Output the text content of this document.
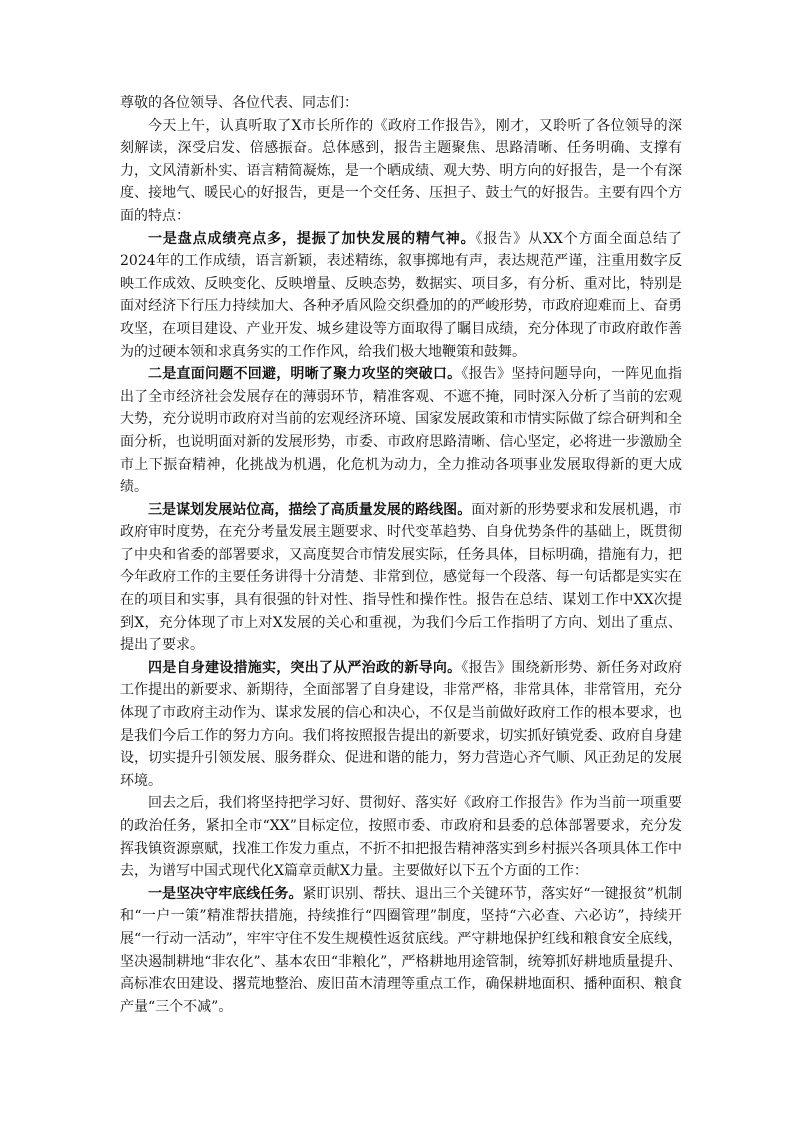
尊敬的各位领导、各位代表、同志们：

今天上午，认真听取了X市长所作的《政府工作报告》，刚才，又聆听了各位领导的深刻解读，深受启发、倍感振奋。总体感到，报告主题聚焦、思路清晰、任务明确、支撑有力，文风清新朴实、语言精简凝炼，是一个晒成绩、观大势、明方向的好报告，是一个有深度、接地气、暖民心的好报告，更是一个交任务、压担子、鼓士气的好报告。主要有四个方面的特点：

一是盘点成绩亮点多，提振了加快发展的精气神。《报告》从XX个方面全面总结了2024年的工作成绩，语言新颖，表述精练，叙事掷地有声，表达规范严谨，注重用数字反映工作成效、反映变化、反映增量、反映态势，数据实、项目多，有分析、重对比，特别是面对经济下行压力持续加大、各种矛盾风险交织叠加的的严峻形势，市政府迎难而上、奋勇攻坚，在项目建设、产业开发、城乡建设等方面取得了瞩目成绩，充分体现了市政府敢作善为的过硬本领和求真务实的工作作风，给我们极大地鞭策和鼓舞。

二是直面问题不回避，明晰了聚力攻坚的突破口。《报告》坚持问题导向，一阵见血指出了全市经济社会发展存在的薄弱环节，精准客观、不遮不掩，同时深入分析了当前的宏观大势，充分说明市政府对当前的宏观经济环境、国家发展政策和市情实际做了综合研判和全面分析，也说明面对新的发展形势，市委、市政府思路清晰、信心坚定，必将进一步激励全市上下振奋精神，化挑战为机遇，化危机为动力，全力推动各项事业发展取得新的更大成绩。

三是谋划发展站位高，描绘了高质量发展的路线图。面对新的形势要求和发展机遇，市政府审时度势，在充分考量发展主题要求、时代变革趋势、自身优势条件的基础上，既贯彻了中央和省委的部署要求，又高度契合市情发展实际，任务具体，目标明确，措施有力，把今年政府工作的主要任务讲得十分清楚、非常到位，感觉每一个段落、每一句话都是实实在在的项目和实事，具有很强的针对性、指导性和操作性。报告在总结、谋划工作中XX次提到X，充分体现了市上对X发展的关心和重视，为我们今后工作指明了方向、划出了重点、提出了要求。

四是自身建设措施实，突出了从严治政的新导向。《报告》围绕新形势、新任务对政府工作提出的新要求、新期待，全面部署了自身建设，非常严格，非常具体，非常管用，充分体现了市政府主动作为、谋求发展的信心和决心，不仅是当前做好政府工作的根本要求，也是我们今后工作的努力方向。我们将按照报告提出的新要求，切实抓好镇党委、政府自身建设，切实提升引领发展、服务群众、促进和谐的能力，努力营造心齐气顺、风正劲足的发展环境。

回去之后，我们将坚持把学习好、贯彻好、落实好《政府工作报告》作为当前一项重要的政治任务，紧扣全市“XX”目标定位，按照市委、市政府和县委的总体部署要求，充分发挥我镇资源禀赋，找准工作发力重点，不折不扣把报告精神落实到乡村振兴各项具体工作中去，为谱写中国式现代化X篇章贡献X力量。主要做好以下五个方面的工作：

一是坚决守牢底线任务。紧盯识别、帮扶、退出三个关键环节，落实好“一键报贫”机制和“一户一策”精准帮扶措施，持续推行“四圈管理”制度，坚持“六必查、六必访”，持续开展“一行动一活动”，牢牢守住不发生规模性返贫底线。严守耕地保护红线和粮食安全底线，坚决遏制耕地“非农化”、基本农田“非粮化”，严格耕地用途管制，统筹抓好耕地质量提升、高标准农田建设、撂荒地整治、废旧苗木清理等重点工作，确保耕地面积、播种面积、粮食产量“三个不减”。
